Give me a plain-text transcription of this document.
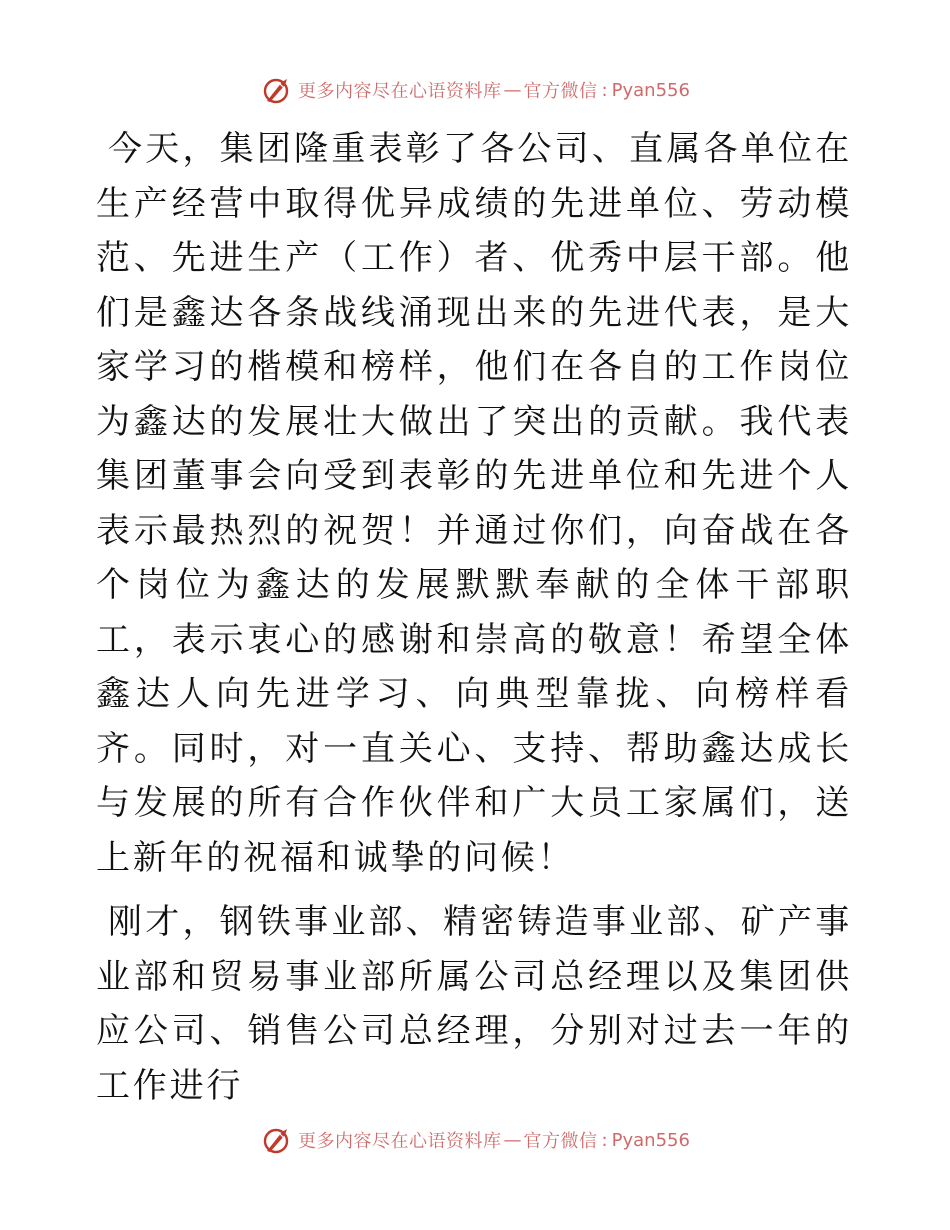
更多内容尽在心语资料库 — 官方微信 : Pyan556

今天，集团隆重表彰了各公司、直属各单位在生产经营中取得优异成绩的先进单位、劳动模范、先进生产（工作）者、优秀中层干部。他们是鑫达各条战线涌现出来的先进代表，是大家学习的楷模和榜样，他们在各自的工作岗位为鑫达的发展壮大做出了突出的贡献。我代表集团董事会向受到表彰的先进单位和先进个人表示最热烈的祝贺！并通过你们，向奋战在各个岗位为鑫达的发展默默奉献的全体干部职工，表示衷心的感谢和崇高的敬意！希望全体鑫达人向先进学习、向典型靠拢、向榜样看齐。同时，对一直关心、支持、帮助鑫达成长与发展的所有合作伙伴和广大员工家属们，送上新年的祝福和诚挚的问候！

刚才，钢铁事业部、精密铸造事业部、矿产事业部和贸易事业部所属公司总经理以及集团供应公司、销售公司总经理，分别对过去一年的工作进行

更多内容尽在心语资料库 — 官方微信 : Pyan556
